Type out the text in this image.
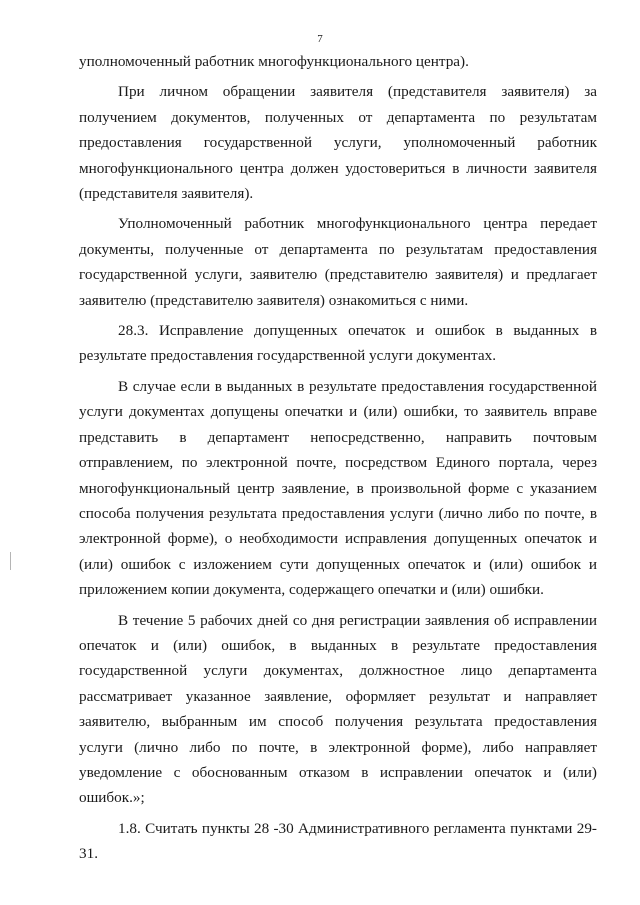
7

уполномоченный работник многофункционального центра).

При личном обращении заявителя (представителя заявителя) за получением документов, полученных от департамента по результатам предоставления государственной услуги, уполномоченный работник многофункционального центра должен удостовериться в личности заявителя (представителя заявителя).

Уполномоченный работник многофункционального центра передает документы, полученные от департамента по результатам предоставления государственной услуги, заявителю (представителю заявителя) и предлагает заявителю (представителю заявителя) ознакомиться с ними.

28.3. Исправление допущенных опечаток и ошибок в выданных в результате предоставления государственной услуги документах.

В случае если в выданных в результате предоставления государственной услуги документах допущены опечатки и (или) ошибки, то заявитель вправе представить в департамент непосредственно, направить почтовым отправлением, по электронной почте, посредством Единого портала, через многофункциональный центр заявление, в произвольной форме с указанием способа получения результата предоставления услуги (лично либо по почте, в электронной форме), о необходимости исправления допущенных опечаток и (или) ошибок с изложением сути допущенных опечаток и (или) ошибок и приложением копии документа, содержащего опечатки и (или) ошибки.

В течение 5 рабочих дней со дня регистрации заявления об исправлении опечаток и (или) ошибок, в выданных в результате предоставления государственной услуги документах, должностное лицо департамента рассматривает указанное заявление, оформляет результат и направляет заявителю, выбранным им способ получения результата предоставления услуги (лично либо по почте, в электронной форме), либо направляет уведомление с обоснованным отказом в исправлении опечаток и (или) ошибок.»;

1.8. Считать пункты 28 -30 Административного регламента пунктами 29-31.
